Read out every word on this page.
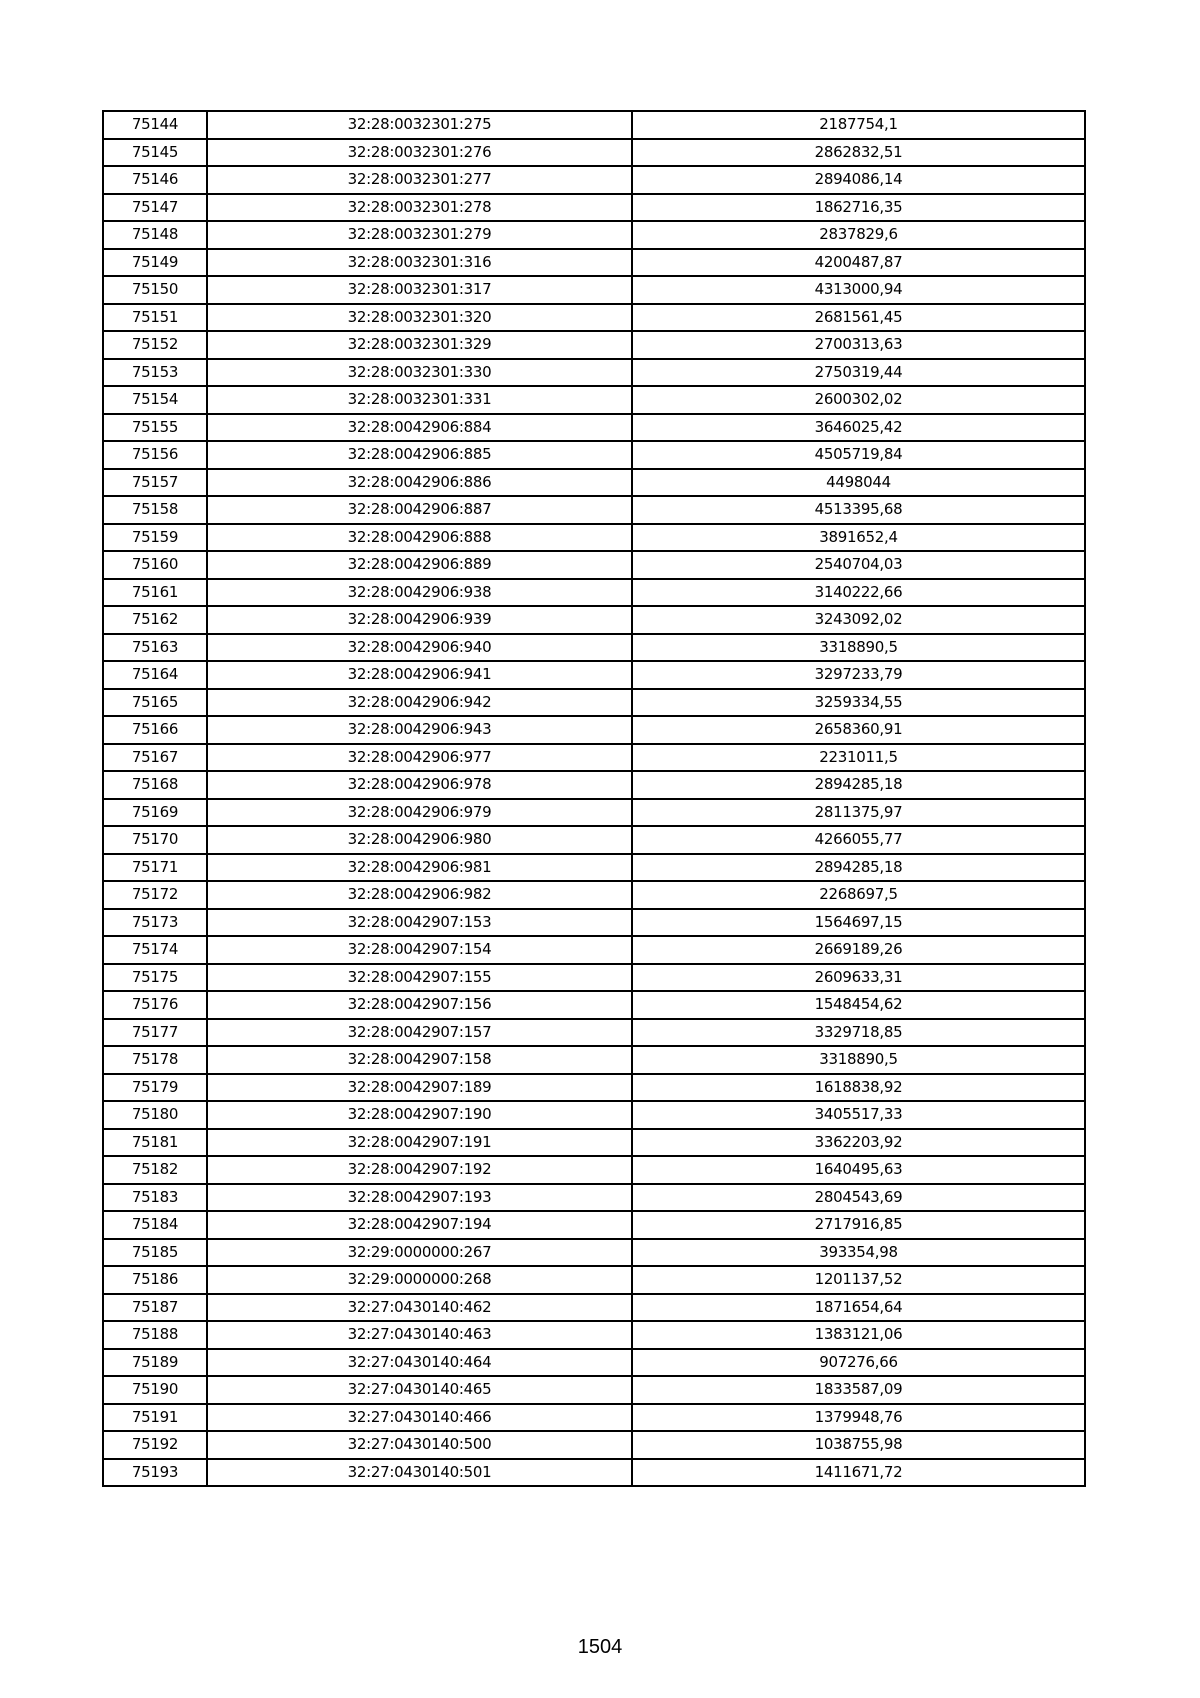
75144	32:28:0032301:275	2187754,1
75145	32:28:0032301:276	2862832,51
75146	32:28:0032301:277	2894086,14
75147	32:28:0032301:278	1862716,35
75148	32:28:0032301:279	2837829,6
75149	32:28:0032301:316	4200487,87
75150	32:28:0032301:317	4313000,94
75151	32:28:0032301:320	2681561,45
75152	32:28:0032301:329	2700313,63
75153	32:28:0032301:330	2750319,44
75154	32:28:0032301:331	2600302,02
75155	32:28:0042906:884	3646025,42
75156	32:28:0042906:885	4505719,84
75157	32:28:0042906:886	4498044
75158	32:28:0042906:887	4513395,68
75159	32:28:0042906:888	3891652,4
75160	32:28:0042906:889	2540704,03
75161	32:28:0042906:938	3140222,66
75162	32:28:0042906:939	3243092,02
75163	32:28:0042906:940	3318890,5
75164	32:28:0042906:941	3297233,79
75165	32:28:0042906:942	3259334,55
75166	32:28:0042906:943	2658360,91
75167	32:28:0042906:977	2231011,5
75168	32:28:0042906:978	2894285,18
75169	32:28:0042906:979	2811375,97
75170	32:28:0042906:980	4266055,77
75171	32:28:0042906:981	2894285,18
75172	32:28:0042906:982	2268697,5
75173	32:28:0042907:153	1564697,15
75174	32:28:0042907:154	2669189,26
75175	32:28:0042907:155	2609633,31
75176	32:28:0042907:156	1548454,62
75177	32:28:0042907:157	3329718,85
75178	32:28:0042907:158	3318890,5
75179	32:28:0042907:189	1618838,92
75180	32:28:0042907:190	3405517,33
75181	32:28:0042907:191	3362203,92
75182	32:28:0042907:192	1640495,63
75183	32:28:0042907:193	2804543,69
75184	32:28:0042907:194	2717916,85
75185	32:29:0000000:267	393354,98
75186	32:29:0000000:268	1201137,52
75187	32:27:0430140:462	1871654,64
75188	32:27:0430140:463	1383121,06
75189	32:27:0430140:464	907276,66
75190	32:27:0430140:465	1833587,09
75191	32:27:0430140:466	1379948,76
75192	32:27:0430140:500	1038755,98
75193	32:27:0430140:501	1411671,72
1504
